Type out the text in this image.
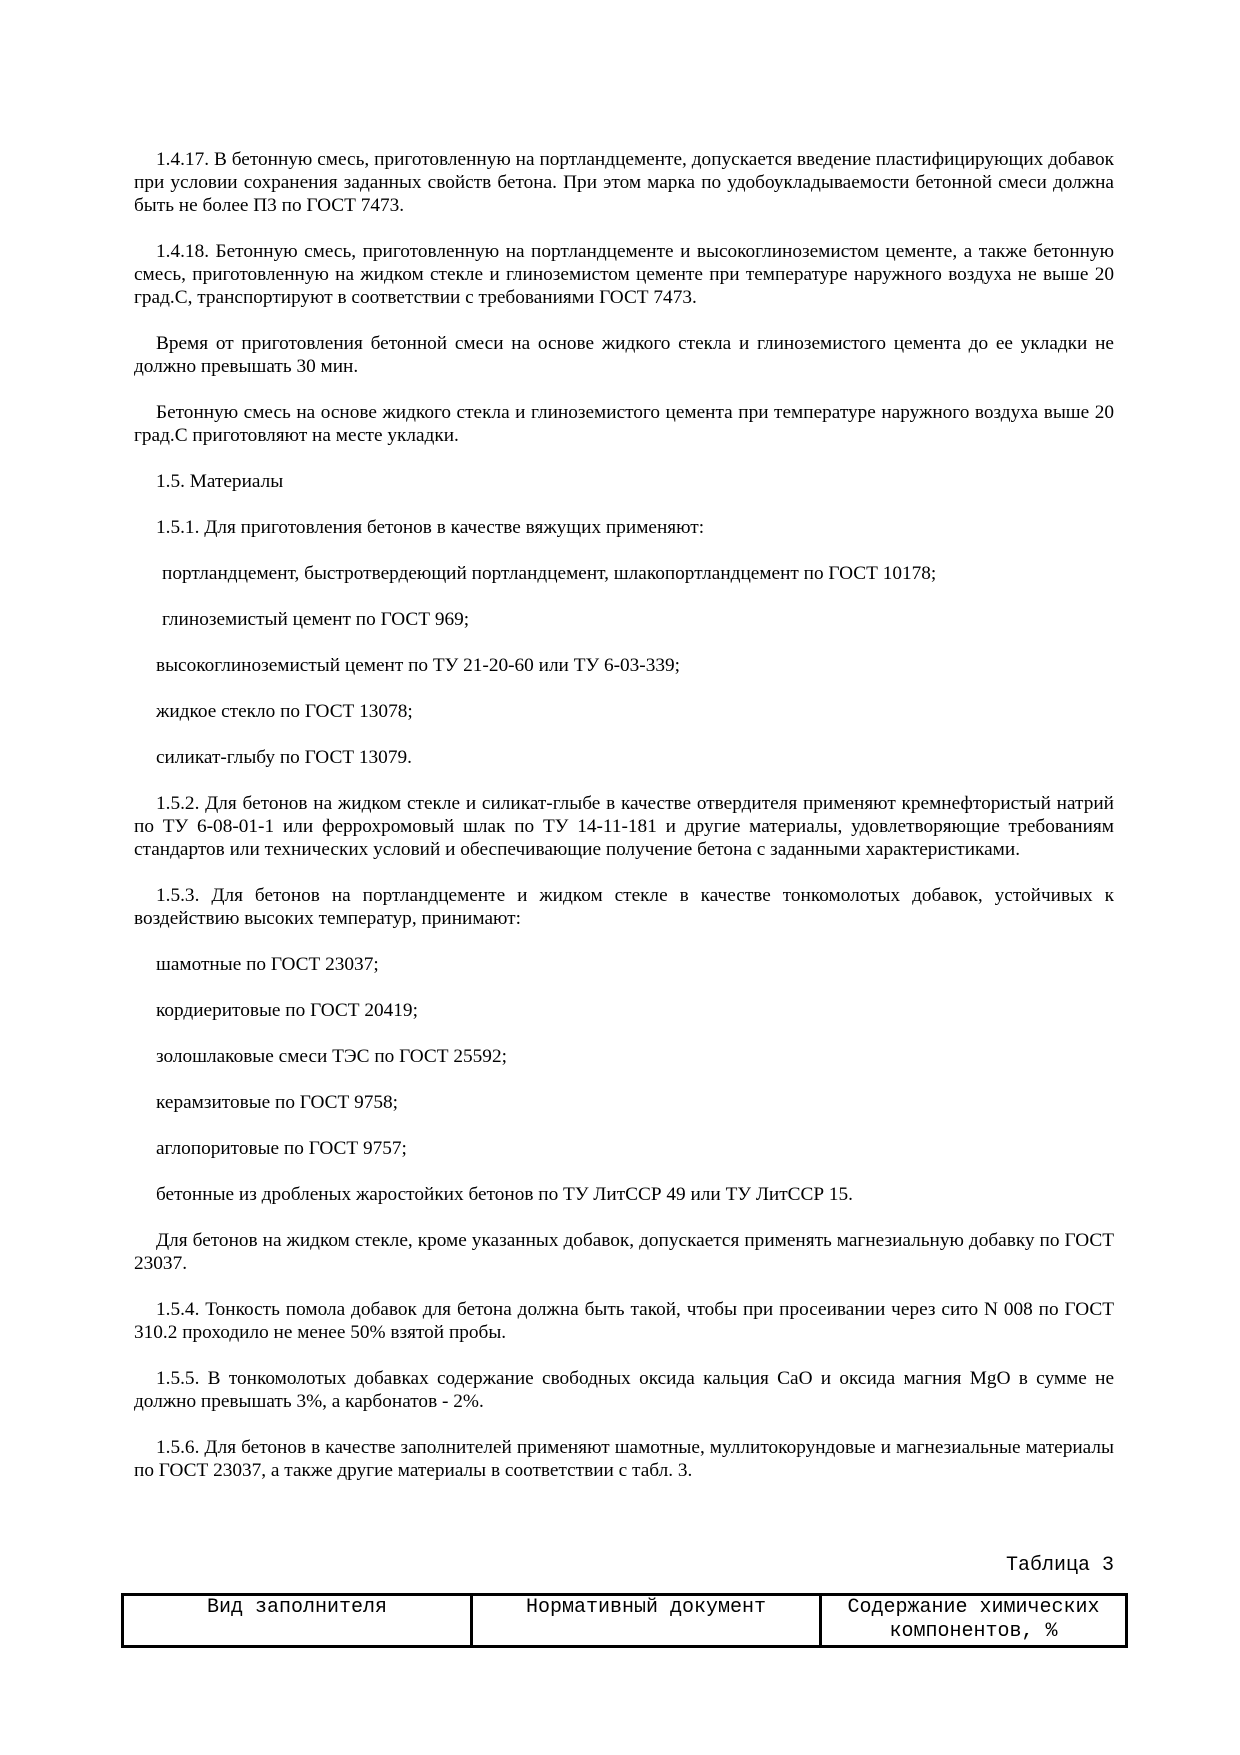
1.4.17. В бетонную смесь, приготовленную на портландцементе, допускается введение пластифицирующих добавок при условии сохранения заданных свойств бетона. При этом марка по удобоукладываемости бетонной смеси должна быть не более П3 по ГОСТ 7473.

1.4.18. Бетонную смесь, приготовленную на портландцементе и высокоглиноземистом цементе, а также бетонную смесь, приготовленную на жидком стекле и глиноземистом цементе при температуре наружного воздуха не выше 20 град.С, транспортируют в соответствии с требованиями ГОСТ 7473.

Время от приготовления бетонной смеси на основе жидкого стекла и глиноземистого цемента до ее укладки не должно превышать 30 мин.

Бетонную смесь на основе жидкого стекла и глиноземистого цемента при температуре наружного воздуха выше 20 град.С приготовляют на месте укладки.

1.5. Материалы

1.5.1. Для приготовления бетонов в качестве вяжущих применяют:

портландцемент, быстротвердеющий портландцемент, шлакопортландцемент по ГОСТ 10178;

глиноземистый цемент по ГОСТ 969;

высокоглиноземистый цемент по ТУ 21-20-60 или ТУ 6-03-339;

жидкое стекло по ГОСТ 13078;

силикат-глыбу по ГОСТ 13079.

1.5.2. Для бетонов на жидком стекле и силикат-глыбе в качестве отвердителя применяют кремнефтористый натрий по ТУ 6-08-01-1 или феррохромовый шлак по ТУ 14-11-181 и другие материалы, удовлетворяющие требованиям стандартов или технических условий и обеспечивающие получение бетона с заданными характеристиками.

1.5.3. Для бетонов на портландцементе и жидком стекле в качестве тонкомолотых добавок, устойчивых к воздействию высоких температур, принимают:

шамотные по ГОСТ 23037;

кордиеритовые по ГОСТ 20419;

золошлаковые смеси ТЭС по ГОСТ 25592;

керамзитовые по ГОСТ 9758;

аглопоритовые по ГОСТ 9757;

бетонные из дробленых жаростойких бетонов по ТУ ЛитССР 49 или ТУ ЛитССР 15.

Для бетонов на жидком стекле, кроме указанных добавок, допускается применять магнезиальную добавку по ГОСТ 23037.

1.5.4. Тонкость помола добавок для бетона должна быть такой, чтобы при просеивании через сито N 008 по ГОСТ 310.2 проходило не менее 50% взятой пробы.

1.5.5. В тонкомолотых добавках содержание свободных оксида кальция CaO и оксида магния MgO в сумме не должно превышать 3%, а карбонатов - 2%.

1.5.6. Для бетонов в качестве заполнителей применяют шамотные, муллитокорундовые и магнезиальные материалы по ГОСТ 23037, а также другие материалы в соответствии с табл. 3.

Таблица 3

Вид заполнителя	Нормативный документ	Содержание химических компонентов, %
